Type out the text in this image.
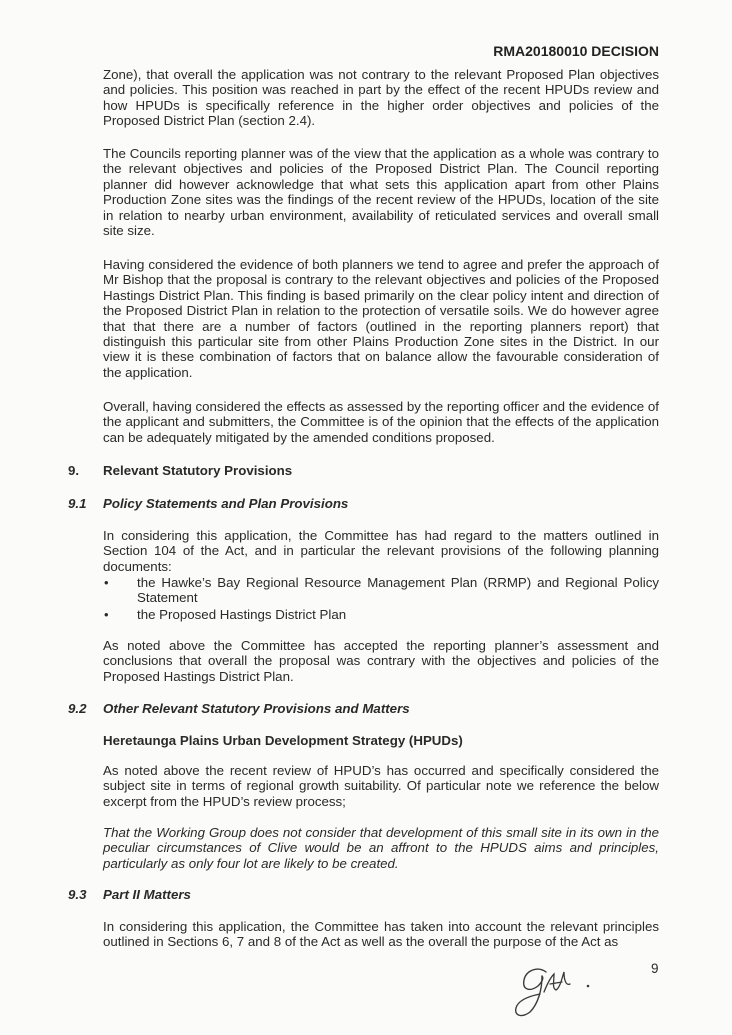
RMA20180010 DECISION

Zone), that overall the application was not contrary to the relevant Proposed Plan objectives and policies. This position was reached in part by the effect of the recent HPUDs review and how HPUDs is specifically reference in the higher order objectives and policies of the Proposed District Plan (section 2.4).

The Councils reporting planner was of the view that the application as a whole was contrary to the relevant objectives and policies of the Proposed District Plan. The Council reporting planner did however acknowledge that what sets this application apart from other Plains Production Zone sites was the findings of the recent review of the HPUDs, location of the site in relation to nearby urban environment, availability of reticulated services and overall small site size.

Having considered the evidence of both planners we tend to agree and prefer the approach of Mr Bishop that the proposal is contrary to the relevant objectives and policies of the Proposed Hastings District Plan. This finding is based primarily on the clear policy intent and direction of the Proposed District Plan in relation to the protection of versatile soils. We do however agree that that there are a number of factors (outlined in the reporting planners report) that distinguish this particular site from other Plains Production Zone sites in the District. In our view it is these combination of factors that on balance allow the favourable consideration of the application.

Overall, having considered the effects as assessed by the reporting officer and the evidence of the applicant and submitters, the Committee is of the opinion that the effects of the application can be adequately mitigated by the amended conditions proposed.

9. Relevant Statutory Provisions
9.1 Policy Statements and Plan Provisions

In considering this application, the Committee has had regard to the matters outlined in Section 104 of the Act, and in particular the relevant provisions of the following planning documents:

• the Hawke’s Bay Regional Resource Management Plan (RRMP) and Regional Policy Statement

• the Proposed Hastings District Plan

As noted above the Committee has accepted the reporting planner’s assessment and conclusions that overall the proposal was contrary with the objectives and policies of the Proposed Hastings District Plan.

9.2 Other Relevant Statutory Provisions and Matters
Heretaunga Plains Urban Development Strategy (HPUDs)

As noted above the recent review of HPUD’s has occurred and specifically considered the subject site in terms of regional growth suitability. Of particular note we reference the below excerpt from the HPUD’s review process;

That the Working Group does not consider that development of this small site in its own in the peculiar circumstances of Clive would be an affront to the HPUDS aims and principles, particularly as only four lot are likely to be created.

9.3 Part II Matters

In considering this application, the Committee has taken into account the relevant principles outlined in Sections 6, 7 and 8 of the Act as well as the overall the purpose of the Act as

9
